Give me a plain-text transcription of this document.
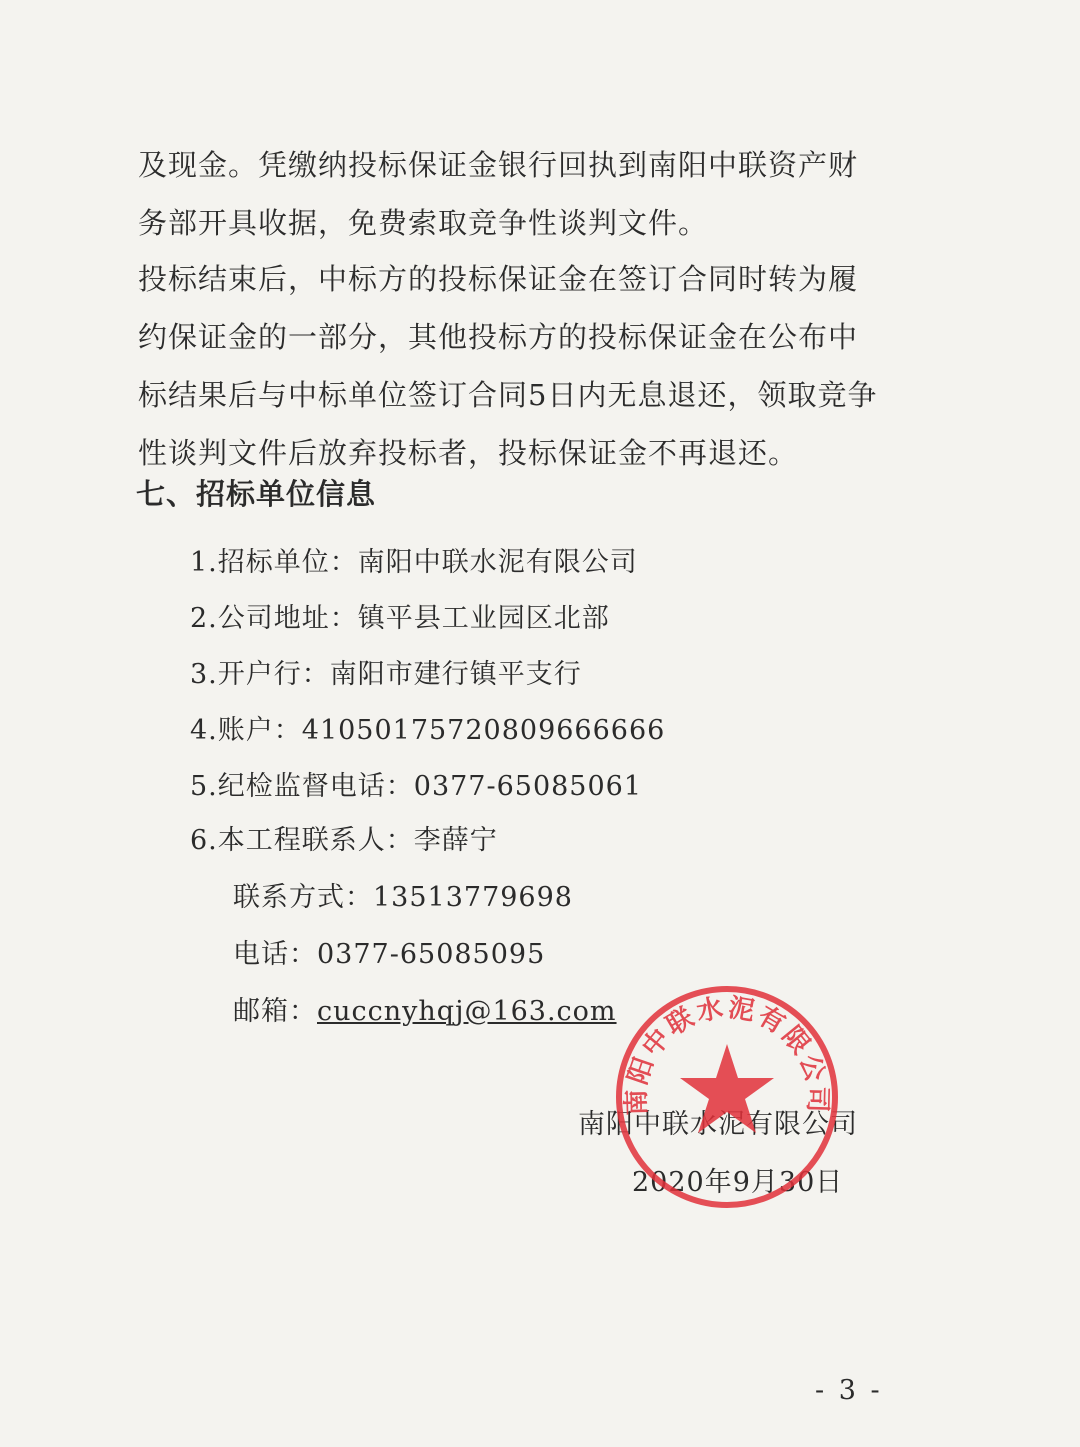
及现金。凭缴纳投标保证金银行回执到南阳中联资产财务部开具收据，免费索取竞争性谈判文件。

投标结束后，中标方的投标保证金在签订合同时转为履约保证金的一部分，其他投标方的投标保证金在公布中标结果后与中标单位签订合同5日内无息退还，领取竞争性谈判文件后放弃投标者，投标保证金不再退还。

七、招标单位信息
1.招标单位：南阳中联水泥有限公司
2.公司地址：镇平县工业园区北部
3.开户行：南阳市建行镇平支行
4.账户：41050175720809666666
5.纪检监督电话：0377-65085061
6.本工程联系人：李薛宁
联系方式：13513779698
电话：0377-65085095
邮箱：cuccnyhqj@163.com
南阳中联水泥有限公司
2020年9月30日
南阳中联水泥有限公司
- 3 -
